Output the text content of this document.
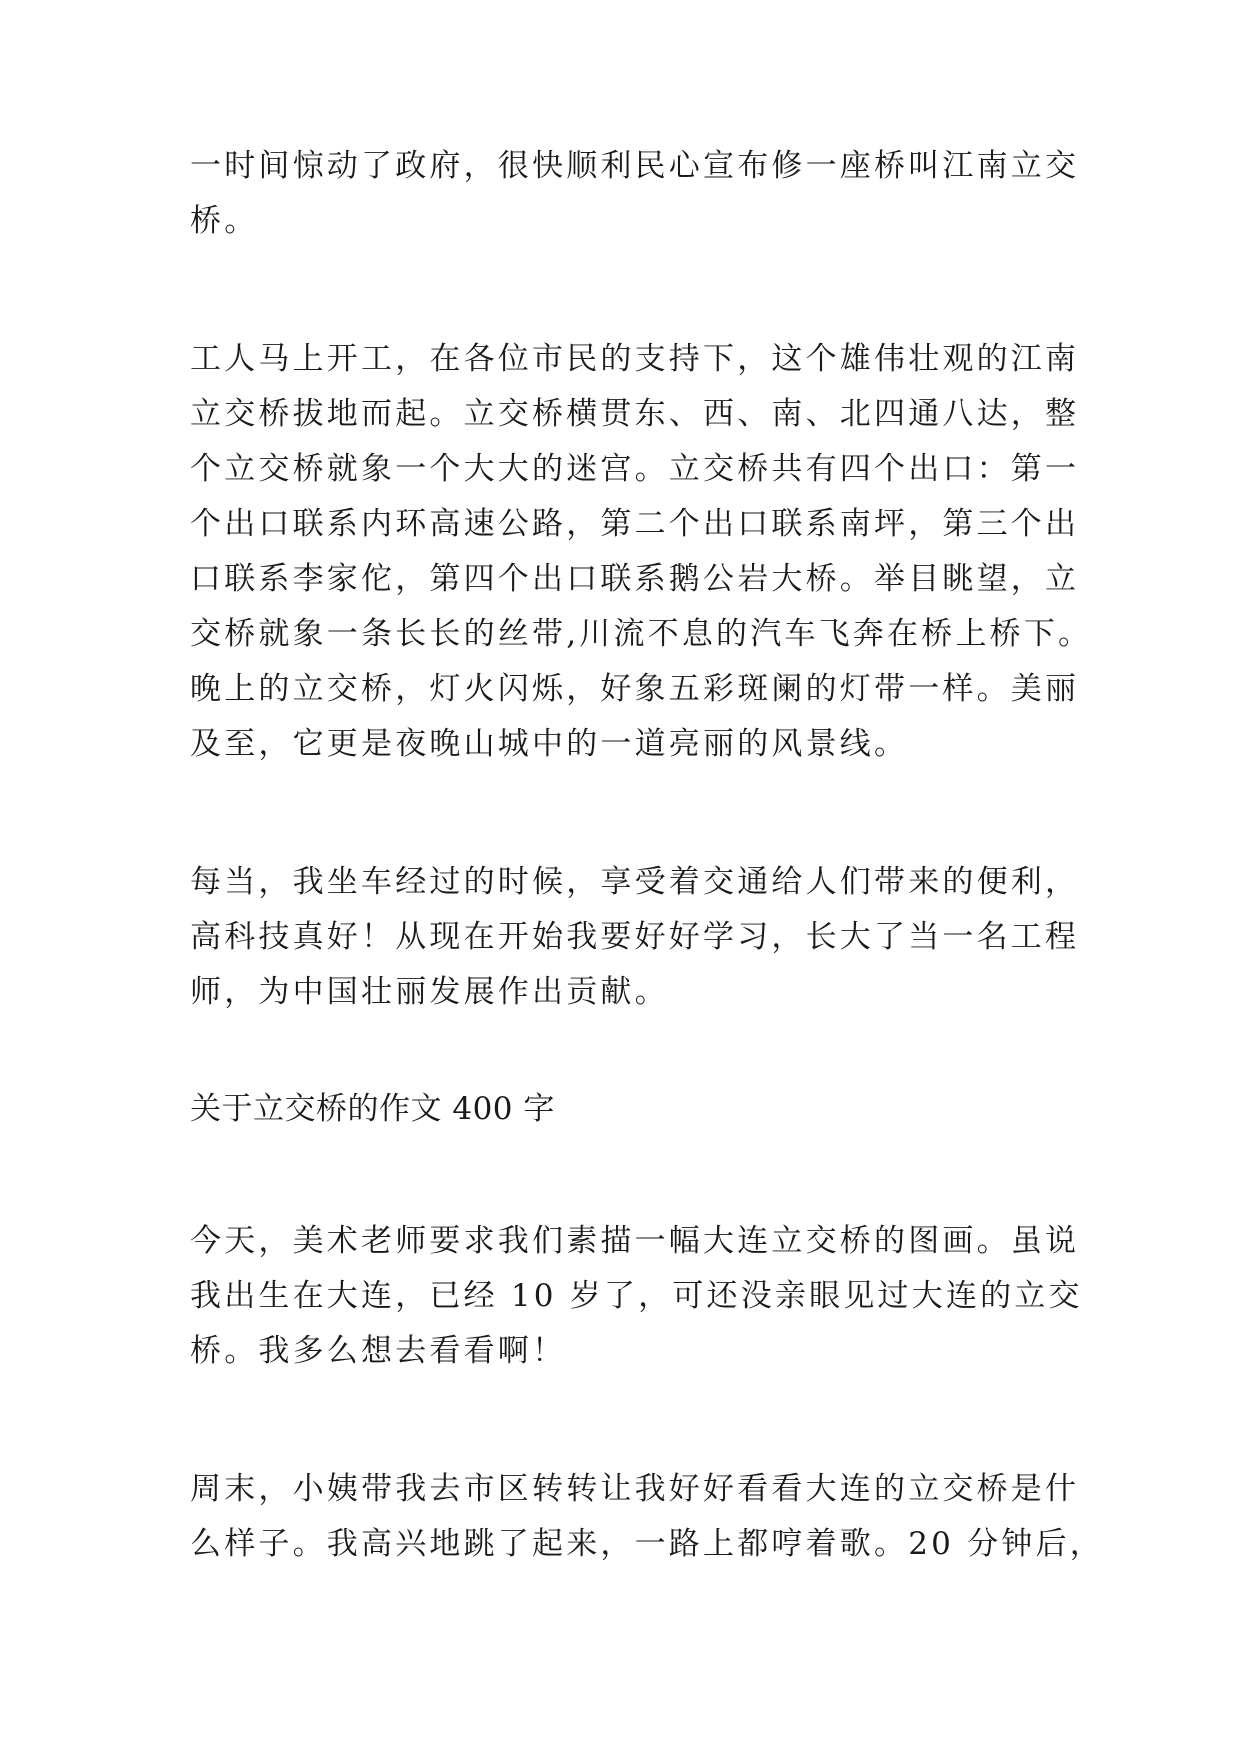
一时间惊动了政府，很快顺利民心宣布修一座桥叫江南立交
桥。
工人马上开工，在各位市民的支持下，这个雄伟壮观的江南
立交桥拔地而起。立交桥横贯东、西、南、北四通八达，整
个立交桥就象一个大大的迷宫。立交桥共有四个出口：第一
个出口联系内环高速公路，第二个出口联系南坪，第三个出
口联系李家佗，第四个出口联系鹅公岩大桥。举目眺望，立
交桥就象一条长长的丝带,川流不息的汽车飞奔在桥上桥下。
晚上的立交桥，灯火闪烁，好象五彩斑阑的灯带一样。美丽
及至，它更是夜晚山城中的一道亮丽的风景线。
每当，我坐车经过的时候，享受着交通给人们带来的便利，
高科技真好！从现在开始我要好好学习，长大了当一名工程
师，为中国壮丽发展作出贡献。
关于立交桥的作文 400 字
今天，美术老师要求我们素描一幅大连立交桥的图画。虽说
我出生在大连，已经 10 岁了，可还没亲眼见过大连的立交
桥。我多么想去看看啊！
周末，小姨带我去市区转转让我好好看看大连的立交桥是什
么样子。我高兴地跳了起来，一路上都哼着歌。20 分钟后，
